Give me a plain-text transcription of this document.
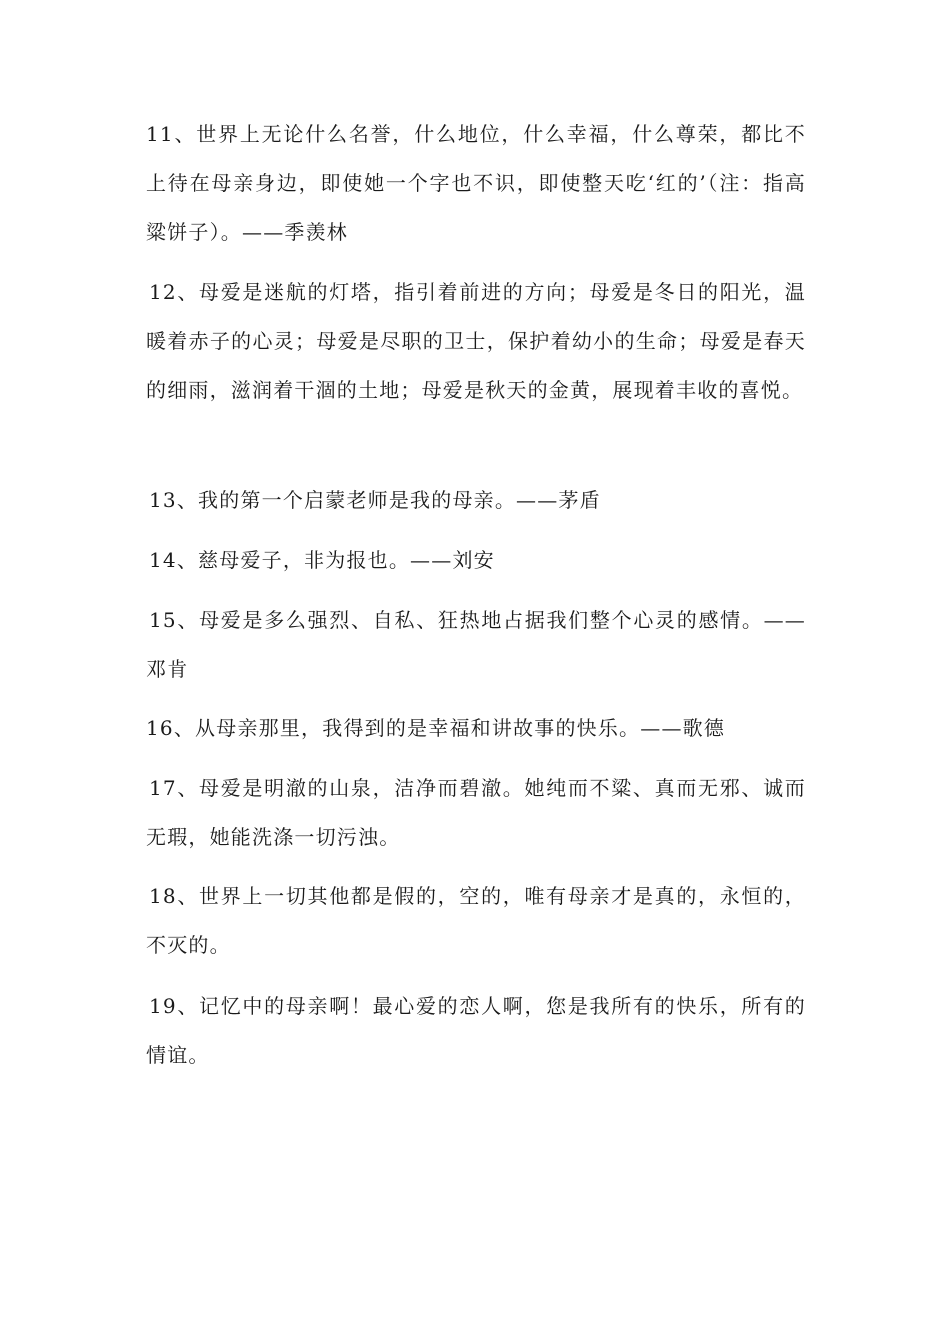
11、世界上无论什么名誉，什么地位，什么幸福，什么尊荣，都比不上待在母亲身边，即使她一个字也不识，即使整天吃‘红的’（注：指高粱饼子）。——季羡林

12、母爱是迷航的灯塔，指引着前进的方向；母爱是冬日的阳光，温暖着赤子的心灵；母爱是尽职的卫士，保护着幼小的生命；母爱是春天的细雨，滋润着干涸的土地；母爱是秋天的金黄，展现着丰收的喜悦。

13、我的第一个启蒙老师是我的母亲。——茅盾

14、慈母爱子，非为报也。——刘安

15、母爱是多么强烈、自私、狂热地占据我们整个心灵的感情。——邓肯

16、从母亲那里，我得到的是幸福和讲故事的快乐。——歌德

17、母爱是明澈的山泉，洁净而碧澈。她纯而不粱、真而无邪、诚而无瑕，她能洗涤一切污浊。

18、世界上一切其他都是假的，空的，唯有母亲才是真的，永恒的，不灭的。

19、记忆中的母亲啊！最心爱的恋人啊，您是我所有的快乐，所有的情谊。
